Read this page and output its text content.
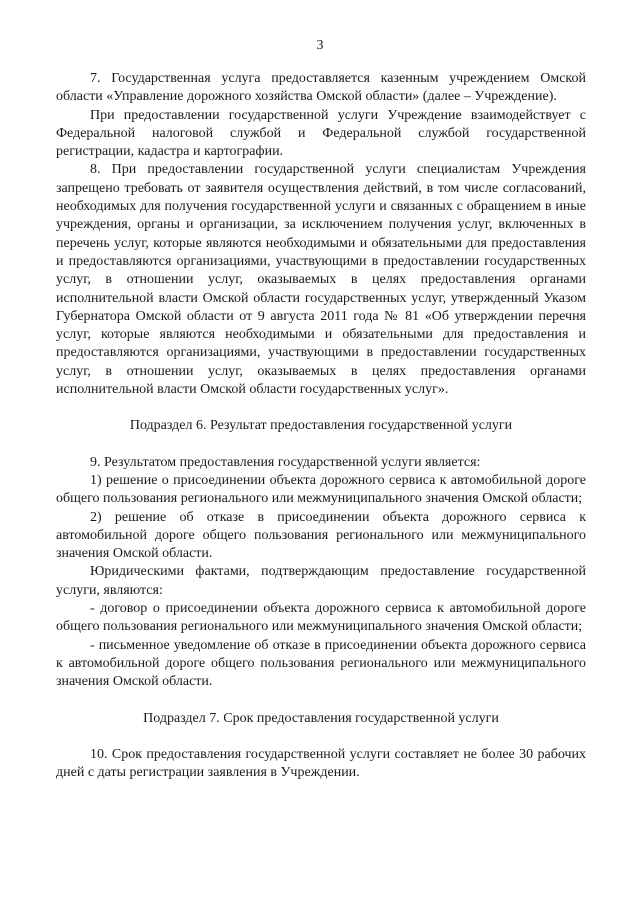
3

7. Государственная услуга предоставляется казенным учреждением Омской области «Управление дорожного хозяйства Омской области» (далее – Учреждение).

При предоставлении государственной услуги Учреждение взаимодействует с Федеральной налоговой службой и Федеральной службой государственной регистрации, кадастра и картографии.

8. При предоставлении государственной услуги специалистам Учреждения запрещено требовать от заявителя осуществления действий, в том числе согласований, необходимых для получения государственной услуги и связанных с обращением в иные учреждения, органы и организации, за исключением получения услуг, включенных в перечень услуг, которые являются необходимыми и обязательными для предоставления и предоставляются организациями, участвующими в предоставлении государственных услуг, в отношении услуг, оказываемых в целях предоставления органами исполнительной власти Омской области государственных услуг, утвержденный Указом Губернатора Омской области от 9 августа 2011 года № 81 «Об утверждении перечня услуг, которые являются необходимыми и обязательными для предоставления и предоставляются организациями, участвующими в предоставлении государственных услуг, в отношении услуг, оказываемых в целях предоставления органами исполнительной власти Омской области государственных услуг».

Подраздел 6. Результат предоставления государственной услуги

9. Результатом предоставления государственной услуги является:

1) решение о присоединении объекта дорожного сервиса к автомобильной дороге общего пользования регионального или межмуниципального значения Омской области;

2) решение об отказе в присоединении объекта дорожного сервиса к автомобильной дороге общего пользования регионального или межмуниципального значения Омской области.

Юридическими фактами, подтверждающим предоставление государственной услуги, являются:

- договор о присоединении объекта дорожного сервиса к автомобильной дороге общего пользования регионального или межмуниципального значения Омской области;

- письменное уведомление об отказе в присоединении объекта дорожного сервиса к автомобильной дороге общего пользования регионального или межмуниципального значения Омской области.

Подраздел 7. Срок предоставления государственной услуги

10. Срок предоставления государственной услуги составляет не более 30 рабочих дней с даты регистрации заявления в Учреждении.
